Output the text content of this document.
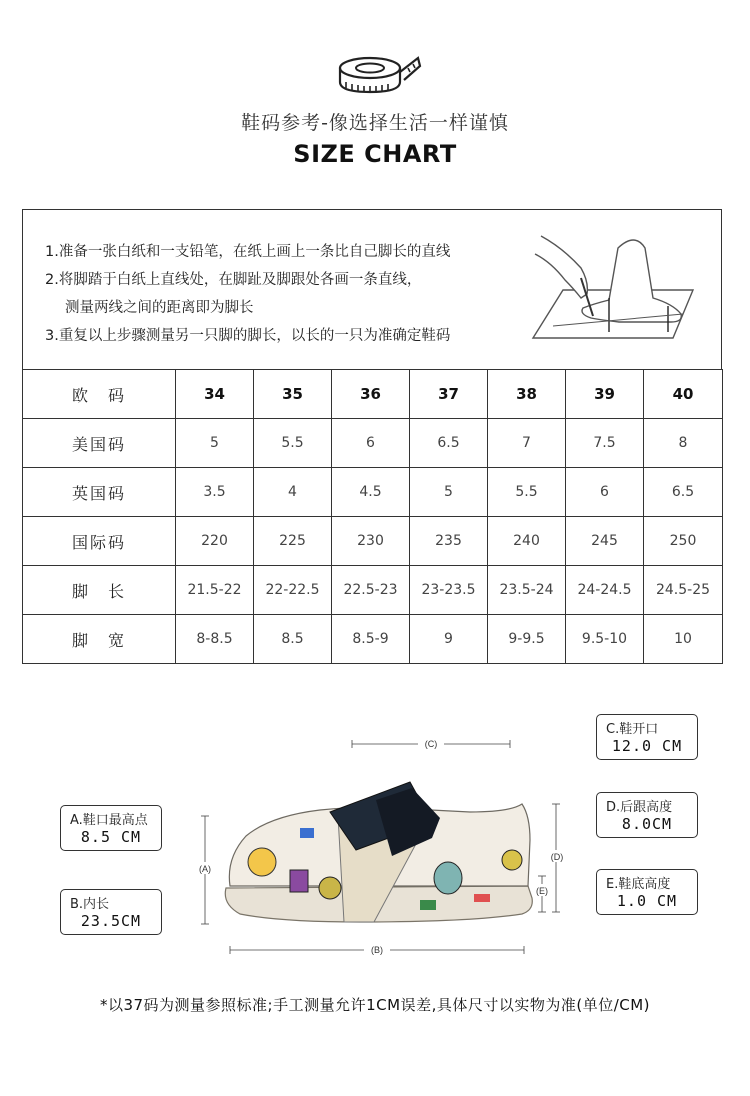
鞋码参考-像选择生活一样谨慎
SIZE CHART
1.准备一张白纸和一支铅笔，在纸上画上一条比自己脚长的直线
2.将脚踏于白纸上直线处，在脚趾及脚跟处各画一条直线，
测量两线之间的距离即为脚长
3.重复以上步骤测量另一只脚的脚长，以长的一只为准确定鞋码
欧　码	34	35	36	37	38	39	40
美国码	5	5.5	6	6.5	7	7.5	8
英国码	3.5	4	4.5	5	5.5	6	6.5
国际码	220	225	230	235	240	245	250
脚　长	21.5-22	22-22.5	22.5-23	23-23.5	23.5-24	24-24.5	24.5-25
脚　宽	8-8.5	8.5	8.5-9	9	9-9.5	9.5-10	10
(C)
(A)
(B)
(D)
(E)
A.鞋口最高点
8.5 CM
B.内长
23.5CM
C.鞋开口
12.0 CM
D.后跟高度
8.0CM
E.鞋底高度
1.0 CM
*以37码为测量参照标准;手工测量允许1CM误差,具体尺寸以实物为准(单位/CM)
